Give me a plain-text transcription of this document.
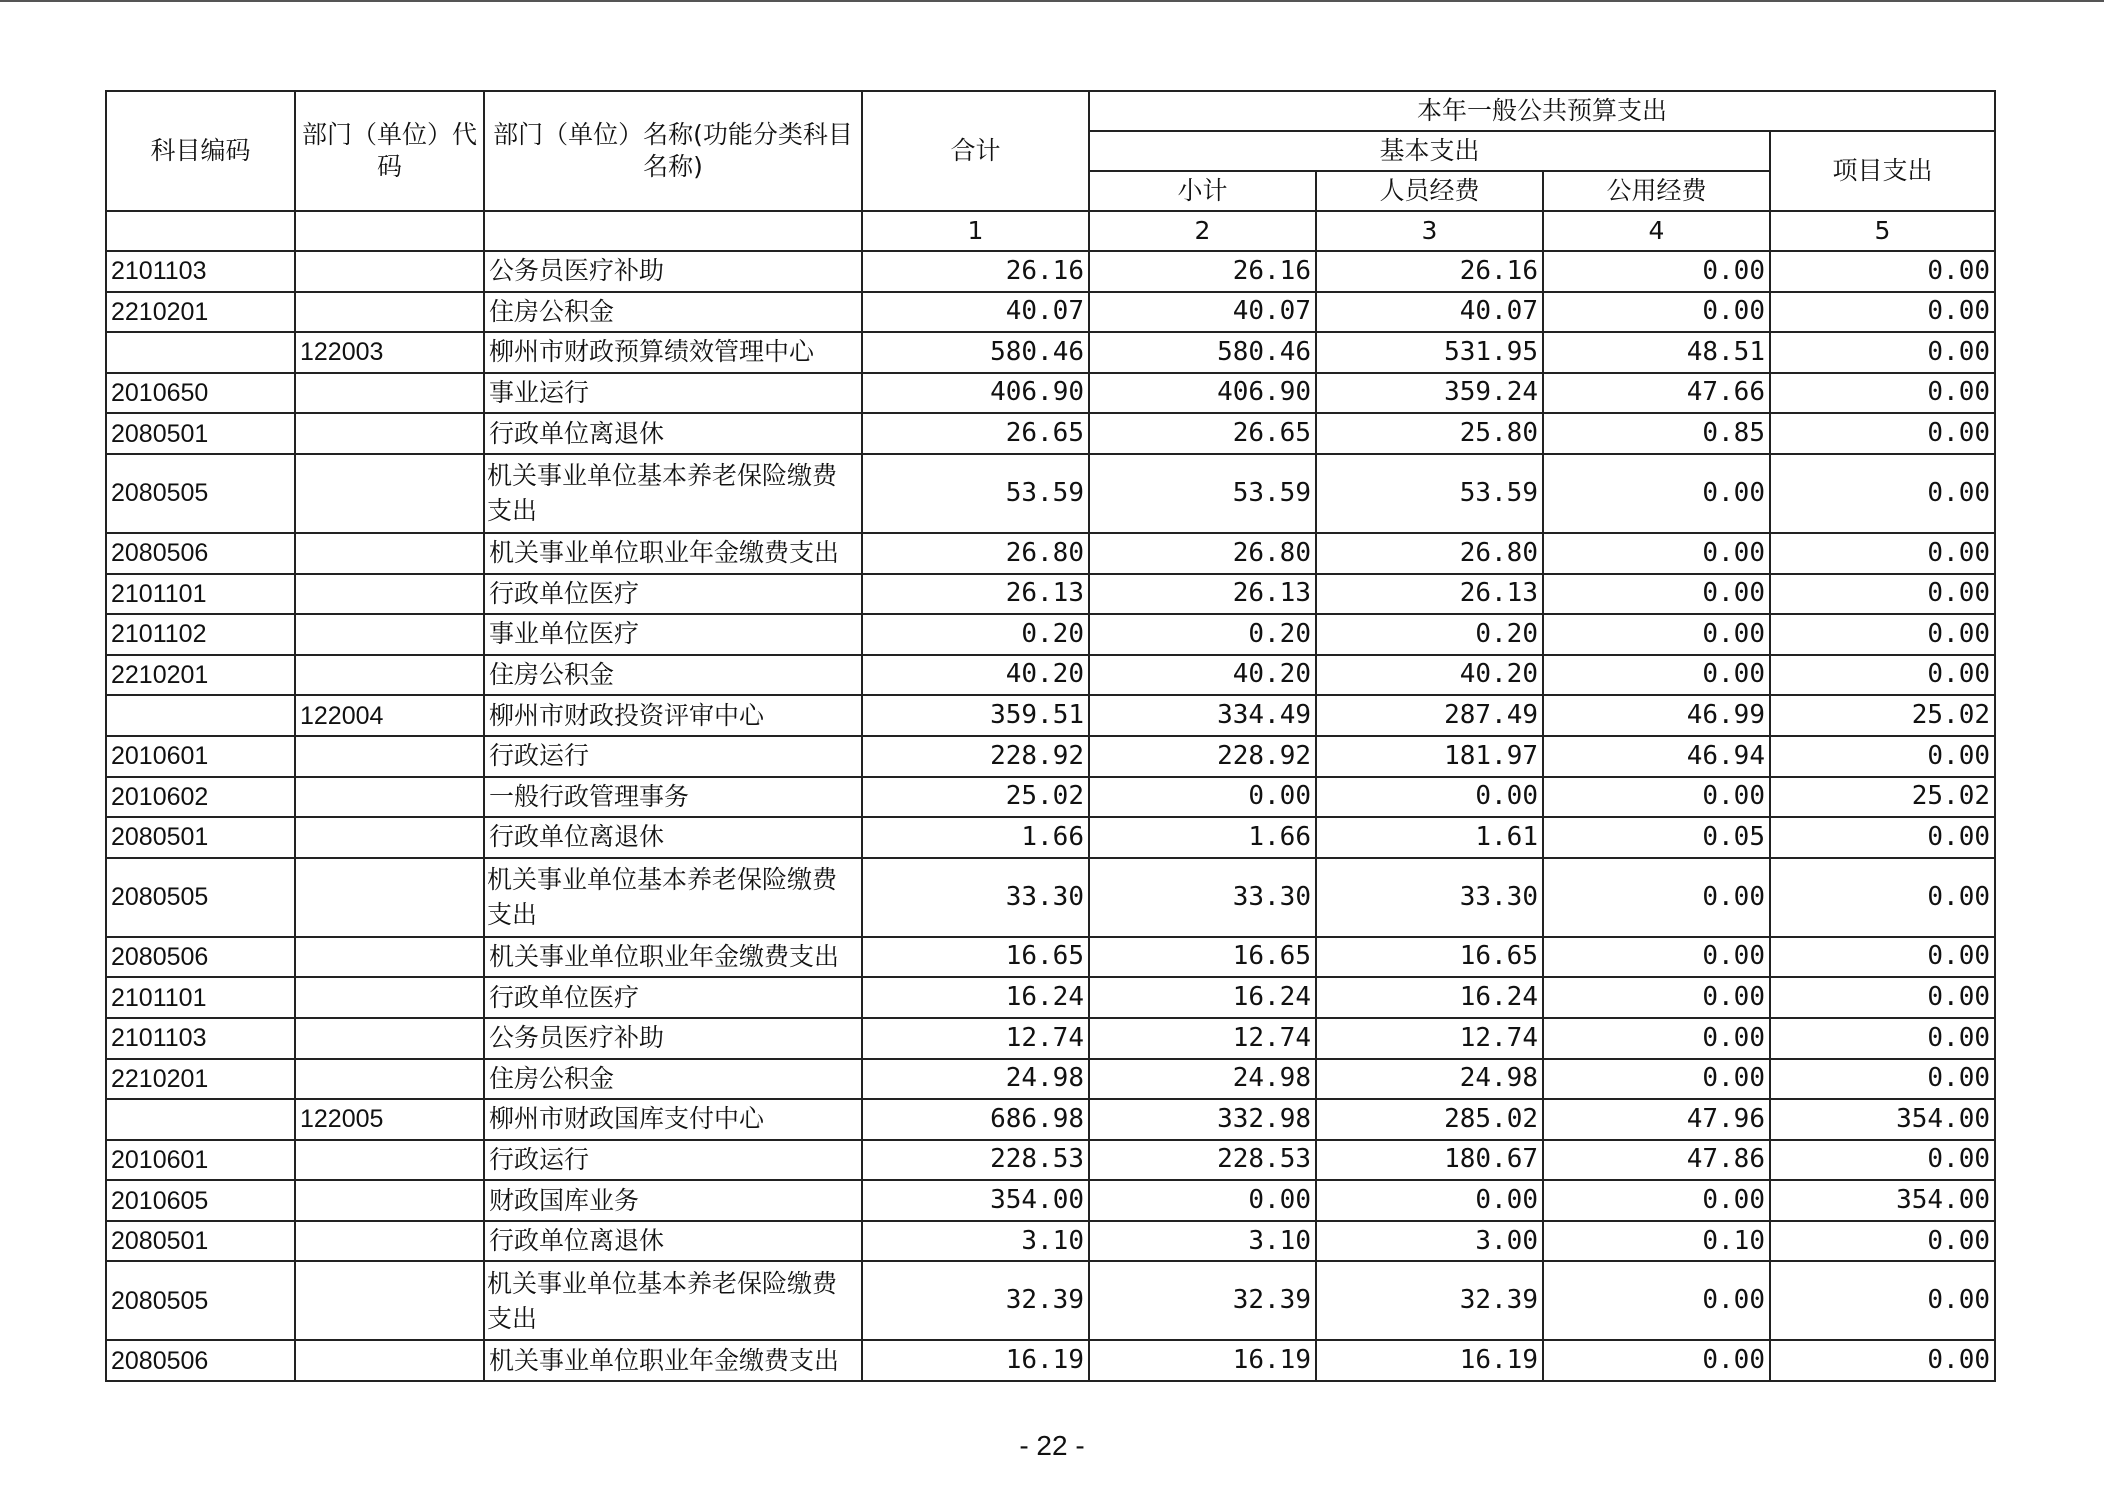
科目编码	部门（单位）代码	部门（单位）名称(功能分类科目名称)	合计	本年一般公共预算支出			
				基本支出			项目支出
				小计	人员经费	公用经费	
			1	2	3	4	5
2101103		公务员医疗补助	26.16	26.16	26.16	0.00	0.00
2210201		住房公积金	40.07	40.07	40.07	0.00	0.00
	122003	柳州市财政预算绩效管理中心	580.46	580.46	531.95	48.51	0.00
2010650		事业运行	406.90	406.90	359.24	47.66	0.00
2080501		行政单位离退休	26.65	26.65	25.80	0.85	0.00
2080505		机关事业单位基本养老保险缴费支出	53.59	53.59	53.59	0.00	0.00
2080506		机关事业单位职业年金缴费支出	26.80	26.80	26.80	0.00	0.00
2101101		行政单位医疗	26.13	26.13	26.13	0.00	0.00
2101102		事业单位医疗	0.20	0.20	0.20	0.00	0.00
2210201		住房公积金	40.20	40.20	40.20	0.00	0.00
	122004	柳州市财政投资评审中心	359.51	334.49	287.49	46.99	25.02
2010601		行政运行	228.92	228.92	181.97	46.94	0.00
2010602		一般行政管理事务	25.02	0.00	0.00	0.00	25.02
2080501		行政单位离退休	1.66	1.66	1.61	0.05	0.00
2080505		机关事业单位基本养老保险缴费支出	33.30	33.30	33.30	0.00	0.00
2080506		机关事业单位职业年金缴费支出	16.65	16.65	16.65	0.00	0.00
2101101		行政单位医疗	16.24	16.24	16.24	0.00	0.00
2101103		公务员医疗补助	12.74	12.74	12.74	0.00	0.00
2210201		住房公积金	24.98	24.98	24.98	0.00	0.00
	122005	柳州市财政国库支付中心	686.98	332.98	285.02	47.96	354.00
2010601		行政运行	228.53	228.53	180.67	47.86	0.00
2010605		财政国库业务	354.00	0.00	0.00	0.00	354.00
2080501		行政单位离退休	3.10	3.10	3.00	0.10	0.00
2080505		机关事业单位基本养老保险缴费支出	32.39	32.39	32.39	0.00	0.00
2080506		机关事业单位职业年金缴费支出	16.19	16.19	16.19	0.00	0.00
- 22 -
